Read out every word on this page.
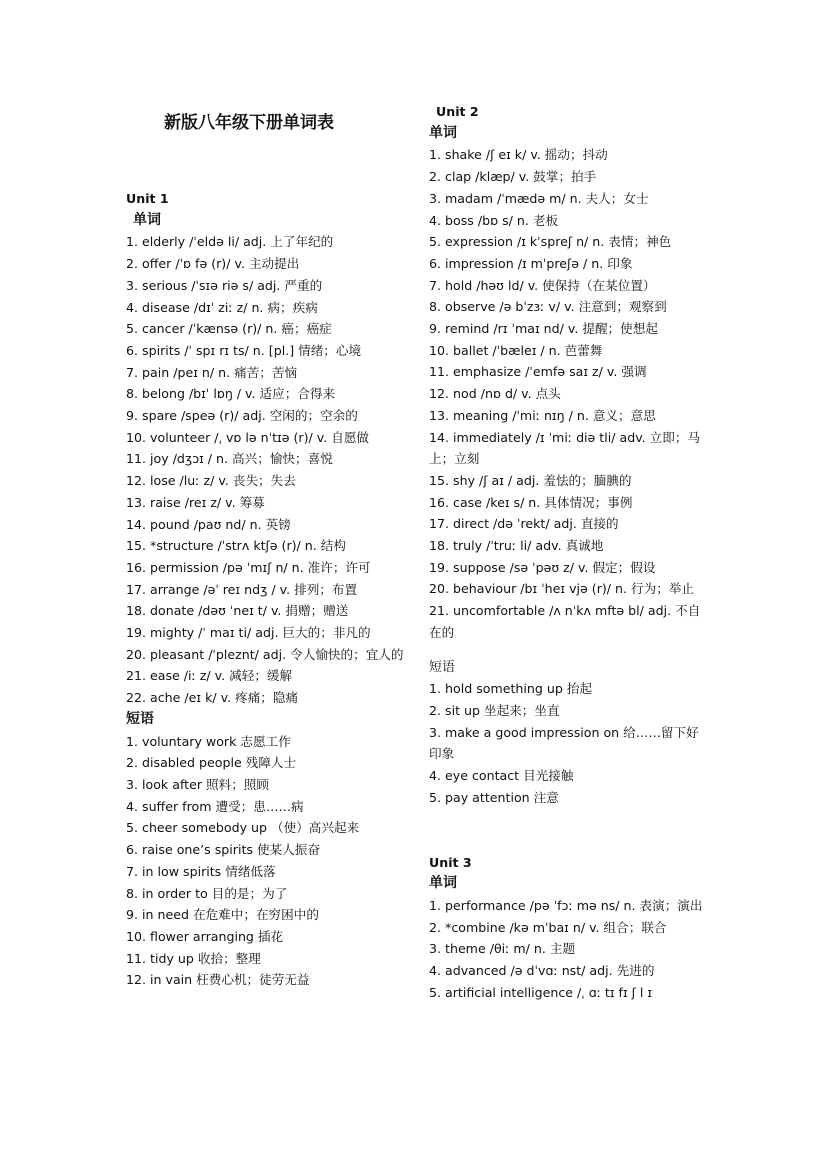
新版八年级下册单词表
Unit 1
单词
1. elderly /ˈeldə li/ adj. 上了年纪的
2. offer /ˈɒ fə (r)/ v. 主动提出
3. serious /ˈsɪə riə s/ adj. 严重的
4. disease /dɪˈ ziː z/ n. 病；疾病
5. cancer /ˈkænsə (r)/ n. 癌；癌症
6. spirits /ˈ spɪ rɪ ts/ n. [pl.] 情绪；心境
7. pain /peɪ n/ n. 痛苦；苦恼
8. belong /bɪˈ lɒŋ / v. 适应；合得来
9. spare /speə (r)/ adj. 空闲的；空余的
10. volunteer /ˌ vɒ lə nˈtɪə (r)/ v. 自愿做
11. joy /dʒɔɪ / n. 高兴；愉快；喜悦
12. lose /luː z/ v. 丧失；失去
13. raise /reɪ z/ v. 筹募
14. pound /paʊ nd/ n. 英镑
15. *structure /ˈstrʌ ktʃə (r)/ n. 结构
16. permission /pə ˈmɪʃ n/ n. 准许；许可
17. arrange /əˈ reɪ ndʒ / v. 排列；布置
18. donate /dəʊ ˈneɪ t/ v. 捐赠；赠送
19. mighty /ˈ maɪ ti/ adj. 巨大的；非凡的
20. pleasant /ˈpleznt/ adj. 令人愉快的；宜人的
21. ease /iː z/ v. 减轻；缓解
22. ache /eɪ k/ v. 疼痛；隐痛
短语
1. voluntary work 志愿工作
2. disabled people 残障人士
3. look after 照料；照顾
4. suffer from 遭受；患……病
5. cheer somebody up （使）高兴起来
6. raise one’s spirits 使某人振奋
7. in low spirits 情绪低落
8. in order to 目的是；为了
9. in need 在危难中；在穷困中的
10. flower arranging 插花
11. tidy up 收拾；整理
12. in vain 枉费心机；徒劳无益
Unit 2
单词
1. shake /ʃ eɪ k/ v. 摇动；抖动
2. clap /klæp/ v. 鼓掌；拍手
3. madam /ˈmædə m/ n. 夫人；女士
4. boss /bɒ s/ n. 老板
5. expression /ɪ kˈspreʃ n/ n. 表情；神色
6. impression /ɪ mˈpreʃə / n. 印象
7. hold /həʊ ld/ v. 使保持（在某位置）
8. observe /ə bˈzɜː v/ v. 注意到；观察到
9. remind /rɪ ˈmaɪ nd/ v. 提醒；使想起
10. ballet /ˈbæleɪ / n. 芭蕾舞
11. emphasize /ˈemfə saɪ z/ v. 强调
12. nod /nɒ d/ v. 点头
13. meaning /ˈmiː nɪŋ / n. 意义；意思
14. immediately /ɪ ˈmiː diə tli/ adv. 立即；马上；立刻
15. shy /ʃ aɪ / adj. 羞怯的；腼腆的
16. case /keɪ s/ n. 具体情况；事例
17. direct /də ˈrekt/ adj. 直接的
18. truly /ˈtruː li/ adv. 真诚地
19. suppose /sə ˈpəʊ z/ v. 假定；假设
20. behaviour /bɪ ˈheɪ vjə (r)/ n. 行为；举止
21. uncomfortable /ʌ nˈkʌ mftə bl/ adj. 不自在的
短语
1. hold something up 抬起
2. sit up 坐起来；坐直
3. make a good impression on 给……留下好印象
4. eye contact 目光接触
5. pay attention 注意
Unit 3
单词
1. performance /pə ˈfɔː mə ns/ n. 表演；演出
2. *combine /kə mˈbaɪ n/ v. 组合；联合
3. theme /θiː m/ n. 主题
4. advanced /ə dˈvɑː nst/ adj. 先进的
5. artificial intelligence /ˌ ɑː tɪ fɪ ʃ l ɪ
